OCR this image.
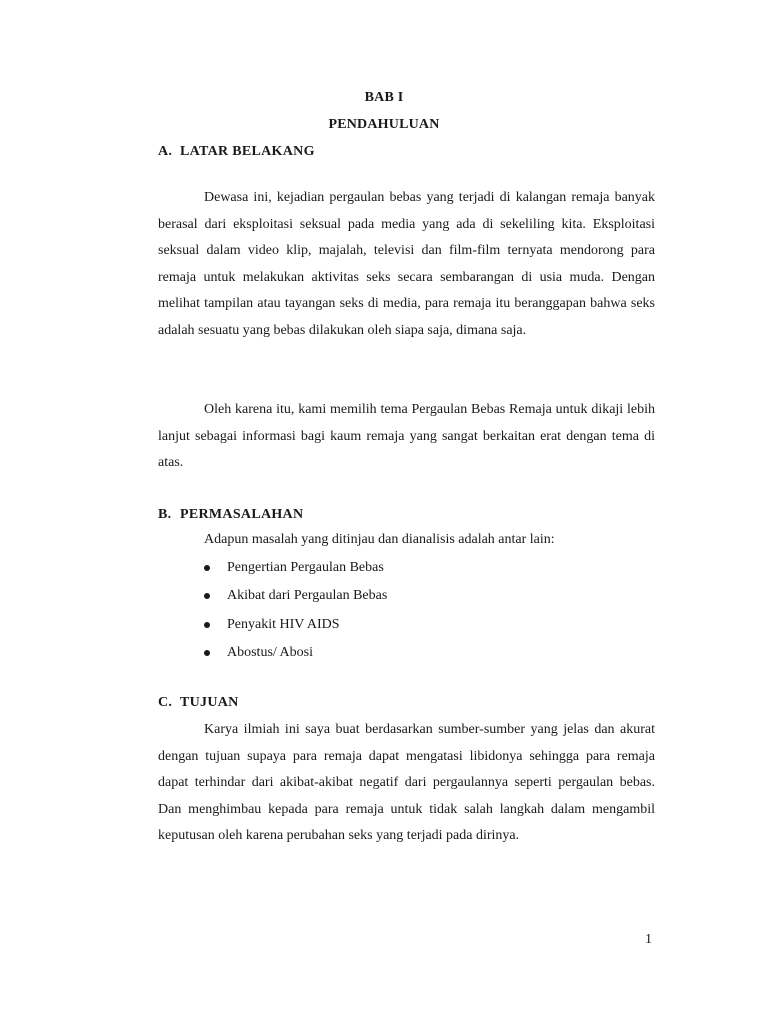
BAB I
PENDAHULUAN
A. LATAR BELAKANG

Dewasa ini, kejadian pergaulan bebas yang terjadi di kalangan remaja banyak berasal dari eksploitasi seksual pada media yang ada di sekeliling kita. Eksploitasi seksual dalam video klip, majalah, televisi dan film-film ternyata mendorong para remaja untuk melakukan aktivitas seks secara sembarangan di usia muda. Dengan melihat tampilan atau tayangan seks di media, para remaja itu beranggapan bahwa seks adalah sesuatu yang bebas dilakukan oleh siapa saja, dimana saja.

Oleh karena itu, kami memilih tema Pergaulan Bebas Remaja untuk dikaji lebih lanjut sebagai informasi bagi kaum remaja yang sangat berkaitan erat dengan tema di atas.

B. PERMASALAHAN
Adapun masalah yang ditinjau dan dianalisis adalah antar lain:
Pengertian Pergaulan Bebas
Akibat dari Pergaulan Bebas
Penyakit HIV AIDS
Abostus/ Abosi
C. TUJUAN

Karya ilmiah ini saya buat berdasarkan sumber-sumber yang jelas dan akurat dengan tujuan supaya para remaja dapat mengatasi libidonya sehingga para remaja dapat terhindar dari akibat-akibat negatif dari pergaulannya seperti pergaulan bebas. Dan menghimbau kepada para remaja untuk tidak salah langkah dalam mengambil keputusan oleh karena perubahan seks yang terjadi pada dirinya.

1
